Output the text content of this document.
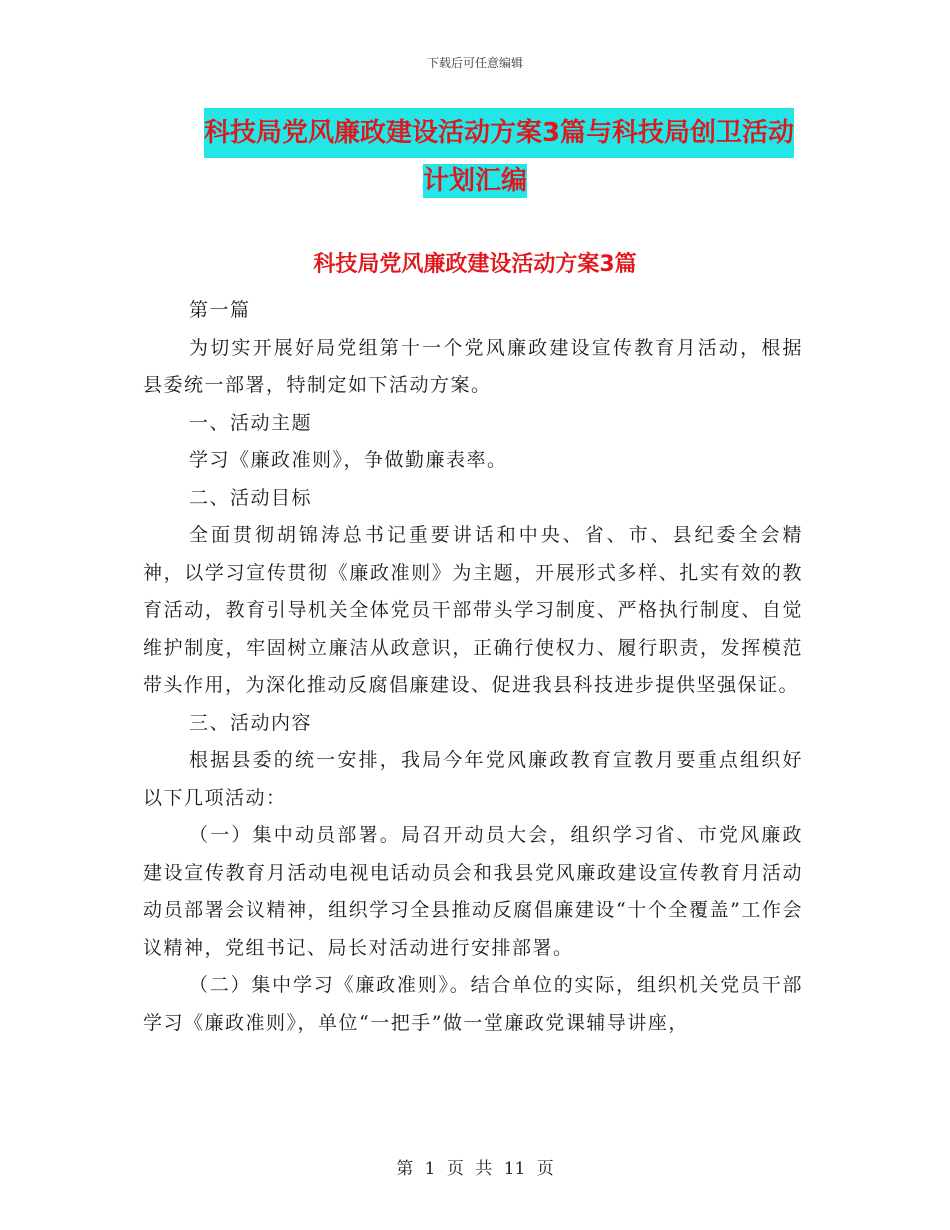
下载后可任意编辑
科技局党风廉政建设活动方案3篇与科技局创卫活动
计划汇编
科技局党风廉政建设活动方案3篇

第一篇

为切实开展好局党组第十一个党风廉政建设宣传教育月活动，根据县委统一部署，特制定如下活动方案。

一、活动主题

学习《廉政准则》，争做勤廉表率。

二、活动目标

全面贯彻胡锦涛总书记重要讲话和中央、省、市、县纪委全会精神，以学习宣传贯彻《廉政准则》为主题，开展形式多样、扎实有效的教育活动，教育引导机关全体党员干部带头学习制度、严格执行制度、自觉维护制度，牢固树立廉洁从政意识，正确行使权力、履行职责，发挥模范带头作用，为深化推动反腐倡廉建设、促进我县科技进步提供坚强保证。

三、活动内容

根据县委的统一安排，我局今年党风廉政教育宣教月要重点组织好以下几项活动：

（一）集中动员部署。局召开动员大会，组织学习省、市党风廉政建设宣传教育月活动电视电话动员会和我县党风廉政建设宣传教育月活动动员部署会议精神，组织学习全县推动反腐倡廉建设“十个全覆盖”工作会议精神，党组书记、局长对活动进行安排部署。

（二）集中学习《廉政准则》。结合单位的实际，组织机关党员干部学习《廉政准则》，单位“一把手”做一堂廉政党课辅导讲座，

第 1 页 共 11 页
